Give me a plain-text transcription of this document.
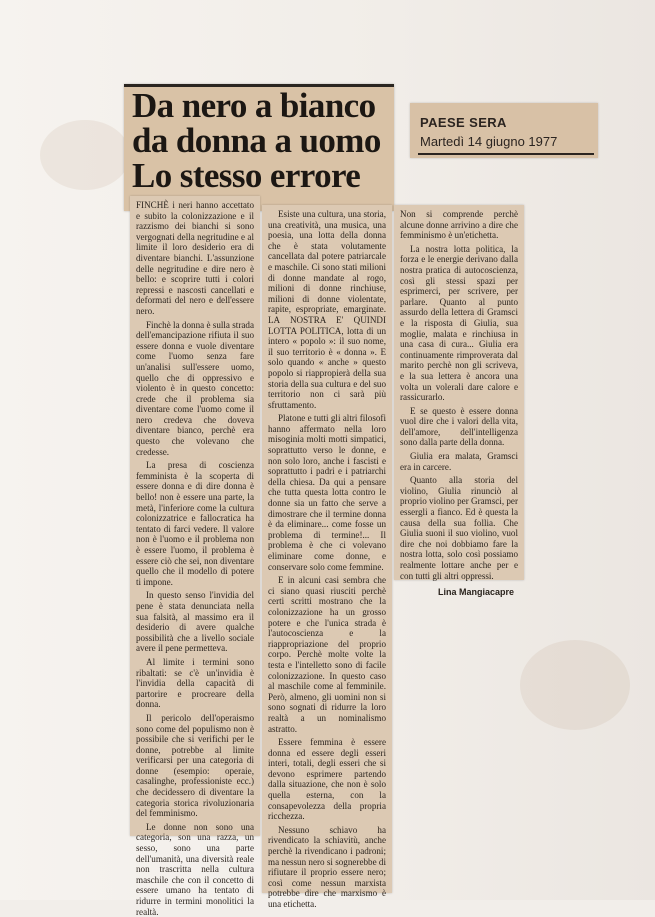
Da nero a bianco
da donna a uomo
Lo stesso errore
PAESE SERA
Martedì 14 giugno 1977

FINCHÈ i neri hanno accettato e subito la colonizzazione e il razzismo dei bianchi si sono vergognati della negritudine e al limite il loro desiderio era di diventare bianchi. L'assunzione delle negritudine e dire nero è bello: e scoprire tutti i colori repressi e nascosti cancellati e deformati del nero e dell'essere nero.

Finchè la donna è sulla strada dell'emancipazione rifiuta il suo essere donna e vuole diventare come l'uomo senza fare un'analisi sull'essere uomo, quello che di oppressivo e violento è in questo concetto: crede che il problema sia diventare come l'uomo come il nero credeva che doveva diventare bianco, perchè era questo che volevano che credesse.

La presa di coscienza femminista è la scoperta di essere donna e di dire donna è bello! non è essere una parte, la metà, l'inferiore come la cultura colonizzatrice e fallocratica ha tentato di farci vedere. Il valore non è l'uomo e il problema non è essere l'uomo, il problema è essere ciò che sei, non diventare quello che il modello di potere ti impone.

In questo senso l'invidia del pene è stata denunciata nella sua falsità, al massimo era il desiderio di avere qualche possibilità che a livello sociale avere il pene permetteva.

Al limite i termini sono ribaltati: se c'è un'invidia è l'invidia della capacità di partorire e procreare della donna.

Il pericolo dell'operaismo sono come del populismo non è possibile che si verifichi per le donne, potrebbe al limite verificarsi per una categoria di donne (esempio: operaie, casalinghe, professioniste ecc.) che decidessero di diventare la categoria storica rivoluzionaria del femminismo.

Le donne non sono una categoria, son una razza, un sesso, sono una parte dell'umanità, una diversità reale non trascritta nella cultura maschile che con il concetto di essere umano ha tentato di ridurre in termini monolitici la realtà.

Esiste una cultura, una storia, una creatività, una musica, una poesia, una lotta della donna che è stata volutamente cancellata dal potere patriarcale e maschile. Ci sono stati milioni di donne mandate al rogo, milioni di donne rinchiuse, milioni di donne violentate, rapite, espropriate, emarginate. LA NOSTRA E' QUINDI LOTTA POLITICA, lotta di un intero « popolo »: il suo nome, il suo territorio è « donna ». E solo quando « anche » questo popolo si riappropierà della sua storia della sua cultura e del suo territorio non ci sarà più sfruttamento.

Platone e tutti gli altri filosofi hanno affermato nella loro misoginia molti motti simpatici, soprattutto verso le donne, e non solo loro, anche i fascisti e soprattutto i padri e i patriarchi della chiesa. Da qui a pensare che tutta questa lotta contro le donne sia un fatto che serve a dimostrare che il termine donna è da eliminare... come fosse un problema di termine!... Il problema è che ci volevano eliminare come donne, e conservare solo come femmine.

E in alcuni casi sembra che ci siano quasi riusciti perchè certi scritti mostrano che la colonizzazione ha un grosso potere e che l'unica strada è l'autocoscienza e la riappropriazione del proprio corpo. Perchè molte volte la testa e l'intelletto sono di facile colonizzazione. In questo caso al maschile come al femminile. Però, almeno, gli uomini non si sono sognati di ridurre la loro realtà a un nominalismo astratto.

Essere femmina è essere donna ed essere degli esseri interi, totali, degli esseri che si devono esprimere partendo dalla situazione, che non è solo quella esterna, con la consapevolezza della propria ricchezza.

Nessuno schiavo ha rivendicato la schiavitù, anche perchè la rivendicano i padroni; ma nessun nero si sognerebbe di rifiutare il proprio essere nero; così come nessun marxista potrebbe dire che marxismo è una etichetta.

Non si comprende perchè alcune donne arrivino a dire che femminismo è un'etichetta.

La nostra lotta politica, la forza e le energie derivano dalla nostra pratica di autocoscienza, così gli stessi spazi per esprimerci, per scrivere, per parlare. Quanto al punto assurdo della lettera di Gramsci e la risposta di Giulia, sua moglie, malata e rinchiusa in una casa di cura... Giulia era continuamente rimproverata dal marito perchè non gli scriveva, e la sua lettera è ancora una volta un volerali dare calore e rassicurarlo.

E se questo è essere donna vuol dire che i valori della vita, dell'amore, dell'intelligenza sono dalla parte della donna.

Giulia era malata, Gramsci era in carcere.

Quanto alla storia del violino, Giulia rinunciò al proprio violino per Gramsci, per essergli a fianco. Ed è questa la causa della sua follia. Che Giulia suoni il suo violino, vuol dire che noi dobbiamo fare la nostra lotta, solo così possiamo realmente lottare anche per e con tutti gli altri oppressi.

Lina Mangiacapre
